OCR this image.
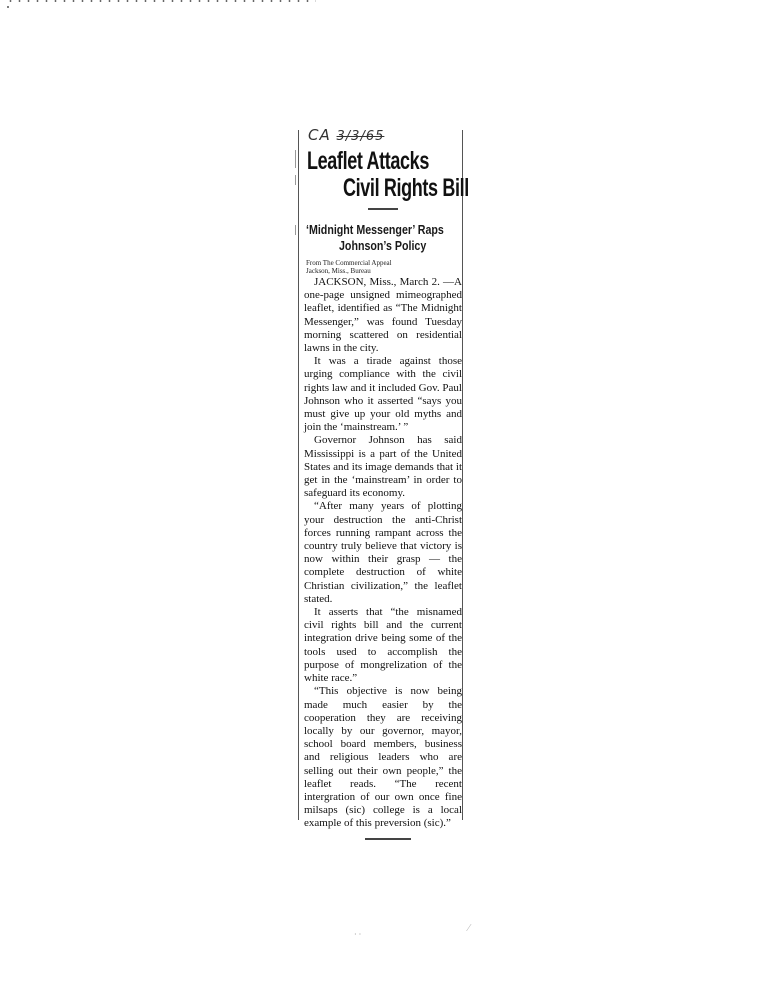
CA 3/3/65
Leaflet Attacks
Civil Rights Bill
‘Midnight Messenger’ Raps
Johnson’s Policy
From The Commercial Appeal
Jackson, Miss., Bureau

JACKSON, Miss., March 2. —A one-page unsigned mimeographed leaflet, identified as “The Midnight Messenger,” was found Tuesday morning scattered on residential lawns in the city.

It was a tirade against those urging compliance with the civil rights law and it included Gov. Paul Johnson who it asserted “says you must give up your old myths and join the ‘mainstream.’ ”

Governor Johnson has said Mississippi is a part of the United States and its image demands that it get in the ‘mainstream’ in order to safeguard its economy.

“After many years of plotting your destruction the anti-Christ forces running rampant across the country truly believe that victory is now within their grasp — the complete destruction of white Christian civilization,” the leaflet stated.

It asserts that “the misnamed civil rights bill and the current integration drive being some of the tools used to accomplish the purpose of mongrelization of the white race.”

“This objective is now being made much easier by the cooperation they are receiving locally by our governor, mayor, school board members, business and religious leaders who are selling out their own people,” the leaflet reads. “The recent intergration of our own once fine milsaps (sic) college is a local example of this preversion (sic).”

· ·
⁄
